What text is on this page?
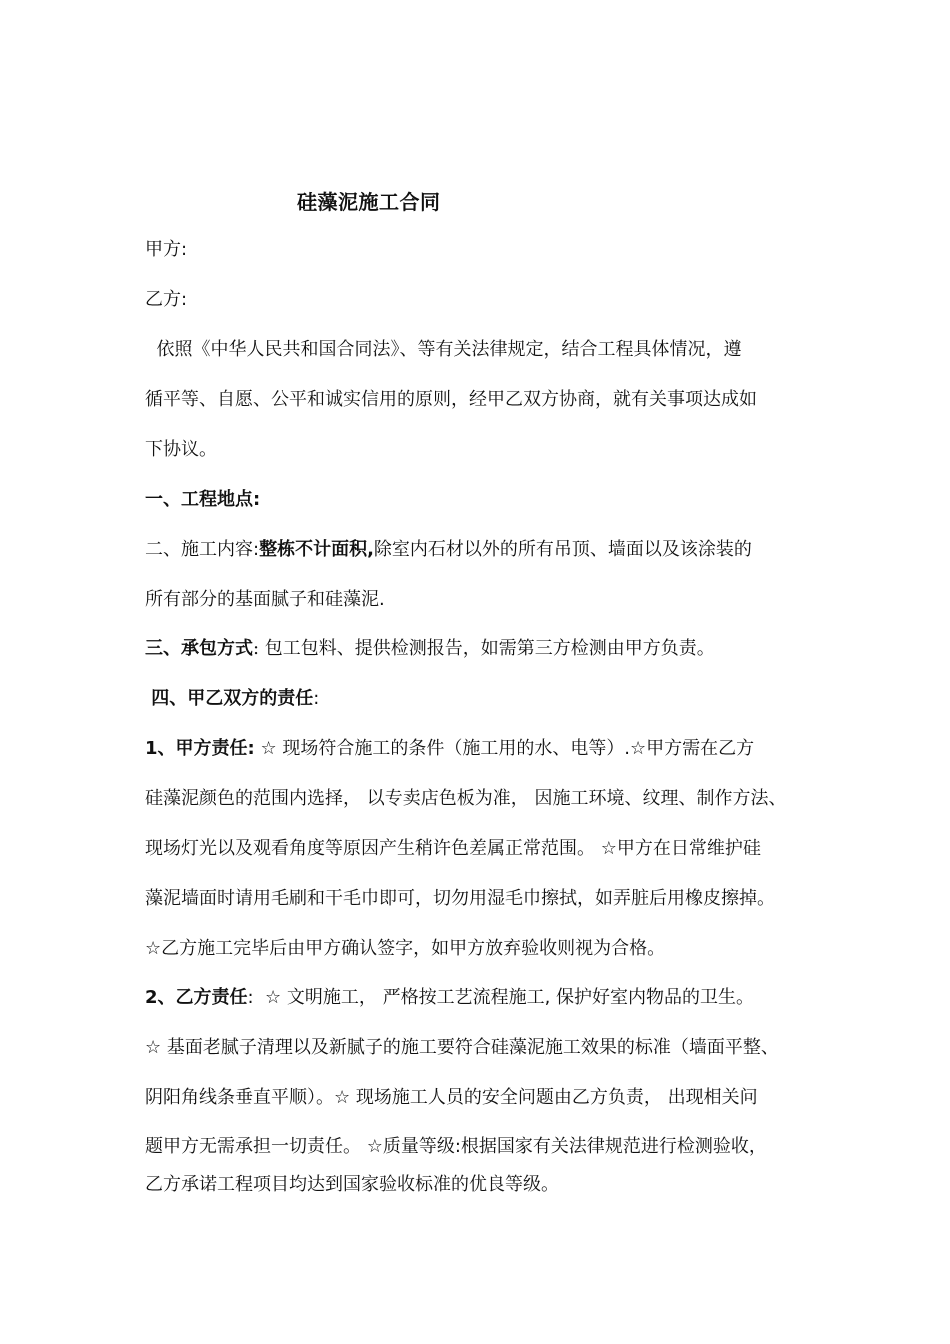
硅藻泥施工合同
甲方:
乙方:
依照《中华人民共和国合同法》、等有关法律规定，结合工程具体情况，遵
循平等、自愿、公平和诚实信用的原则，经甲乙双方协商，就有关事项达成如
下协议。
一、工程地点:
二、施工内容:整栋不计面积,除室内石材以外的所有吊顶、墙面以及该涂装的
所有部分的基面腻子和硅藻泥.
三、承包方式: 包工包料、提供检测报告，如需第三方检测由甲方负责。
四、甲乙双方的责任:
1、甲方责任: ☆ 现场符合施工的条件（施工用的水、电等）.☆甲方需在乙方
硅藻泥颜色的范围内选择， 以专卖店色板为准， 因施工环境、纹理、制作方法、
现场灯光以及观看角度等原因产生稍许色差属正常范围。 ☆甲方在日常维护硅
藻泥墙面时请用毛刷和干毛巾即可，切勿用湿毛巾擦拭，如弄脏后用橡皮擦掉。
☆乙方施工完毕后由甲方确认签字，如甲方放弃验收则视为合格。
2、乙方责任:  ☆ 文明施工， 严格按工艺流程施工, 保护好室内物品的卫生。
☆ 基面老腻子清理以及新腻子的施工要符合硅藻泥施工效果的标准（墙面平整、
阴阳角线条垂直平顺）。☆ 现场施工人员的安全问题由乙方负责， 出现相关问
题甲方无需承担一切责任。 ☆质量等级:根据国家有关法律规范进行检测验收，
乙方承诺工程项目均达到国家验收标准的优良等级。
